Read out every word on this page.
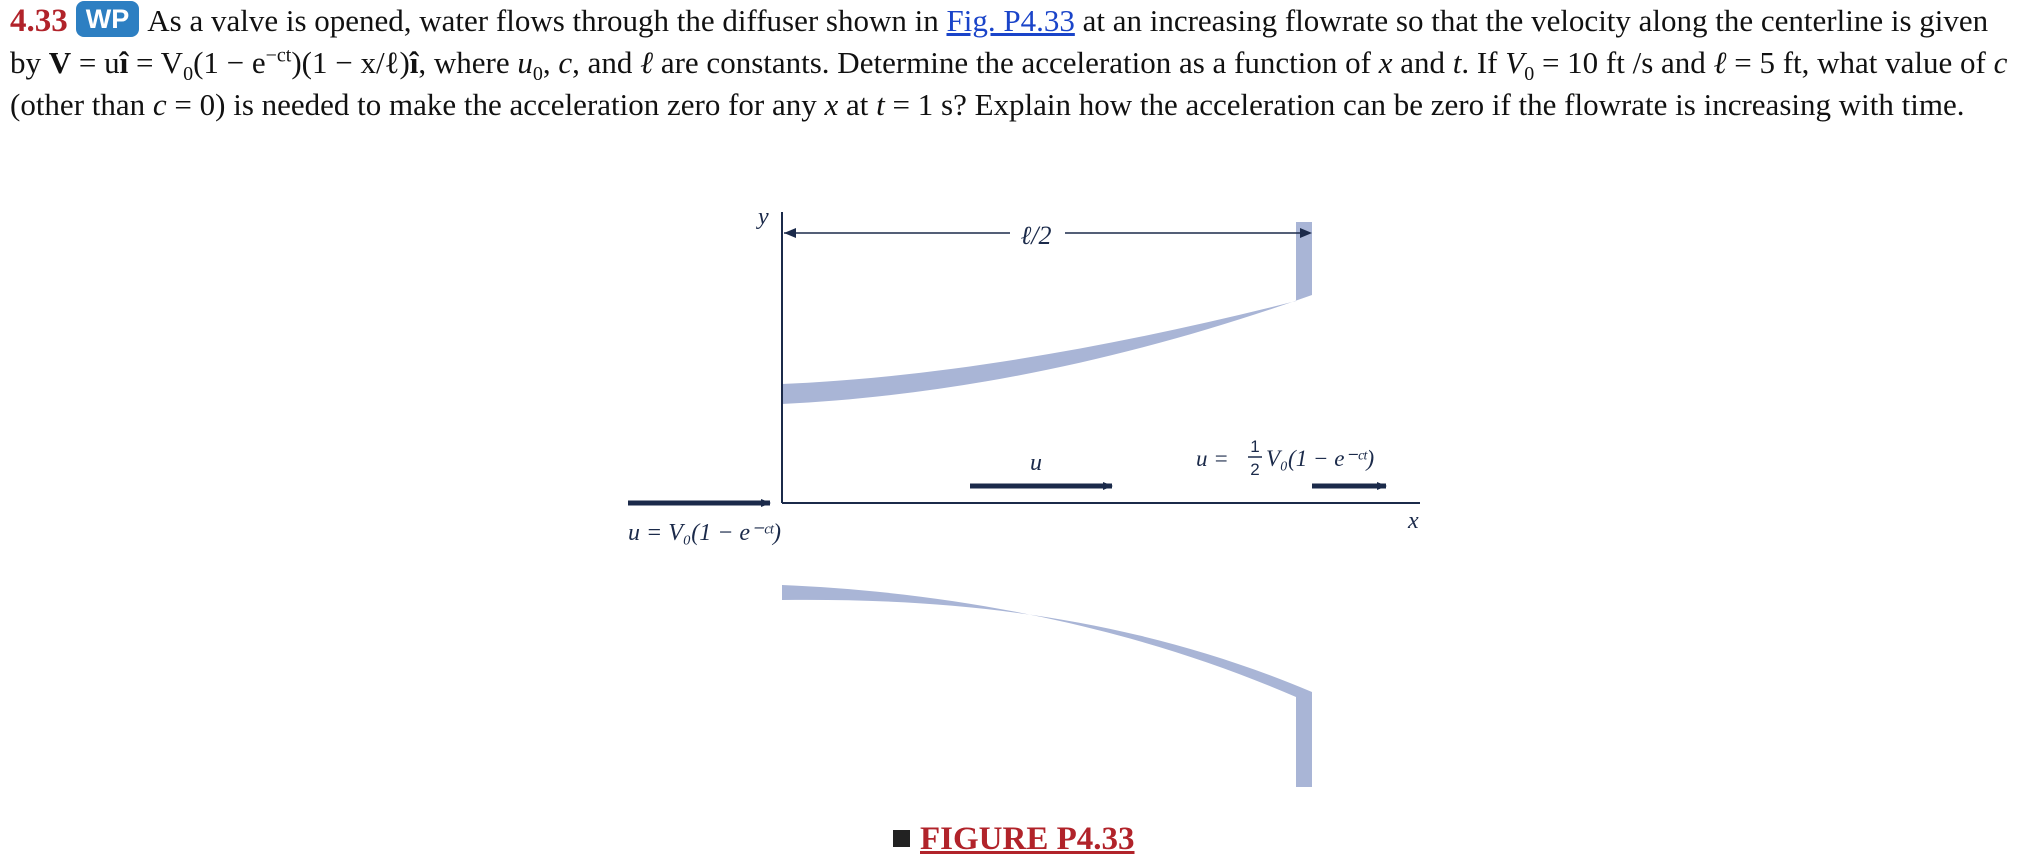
4.33 WP As a valve is opened, water flows through the diffuser shown in Fig. P4.33 at an increasing flowrate so that the velocity along the centerline is given by V = uî = $V_0(1 - e^{-ct})(1$ − x/ℓ)î, where $u_0$, c, and ℓ are constants. Determine the acceleration as a function of x and t. If $V_0 = 10$ ft /s and ℓ = 5 ft, what value of c (other than c = 0) is needed to make the acceleration zero for any x at t = 1 s? Explain how the acceleration can be zero if the flowrate is increasing with time.
ℓ/2
y
x
u = V₀(1 − e⁻ᶜᵗ)
u	u = 1
2 V₀(1 − e⁻ᶜᵗ)
FIGURE P4.33
